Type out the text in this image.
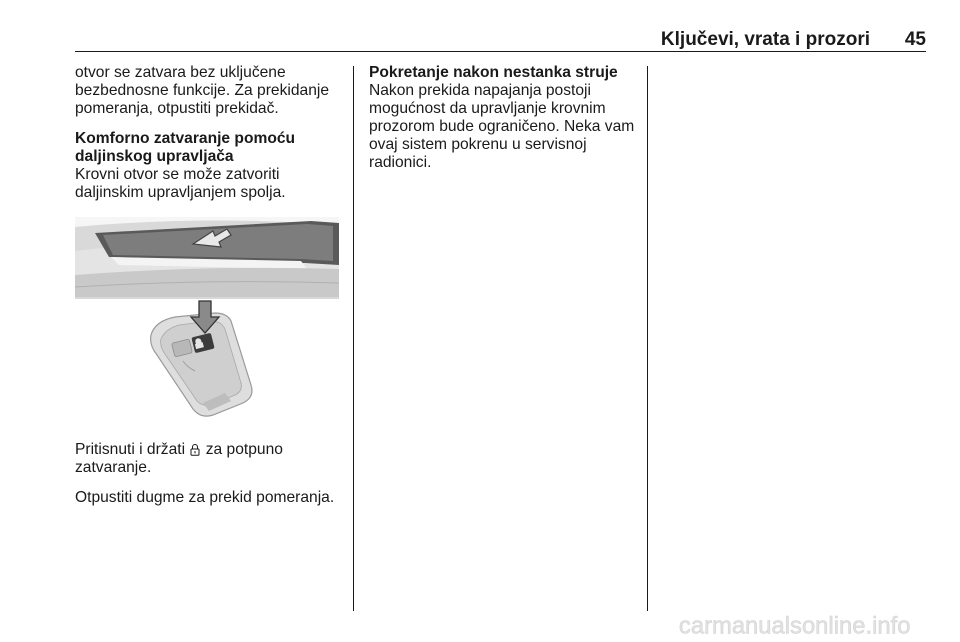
Ključevi, vrata i prozori 45

otvor se zatvara bez uključene bezbednosne funkcije. Za prekidanje pomeranja, otpustiti prekidač.

Komforno zatvaranje pomoću daljinskog upravljača

Krovni otvor se može zatvoriti daljinskim upravljanjem spolja.

Pritisnuti i držati za potpuno zatvaranje.

Otpustiti dugme za prekid pomeranja.

Pokretanje nakon nestanka struje

Nakon prekida napajanja postoji mogućnost da upravljanje krovnim prozorom bude ograničeno. Neka vam ovaj sistem pokrenu u servisnoj radionici.

carmanualsonline.info
